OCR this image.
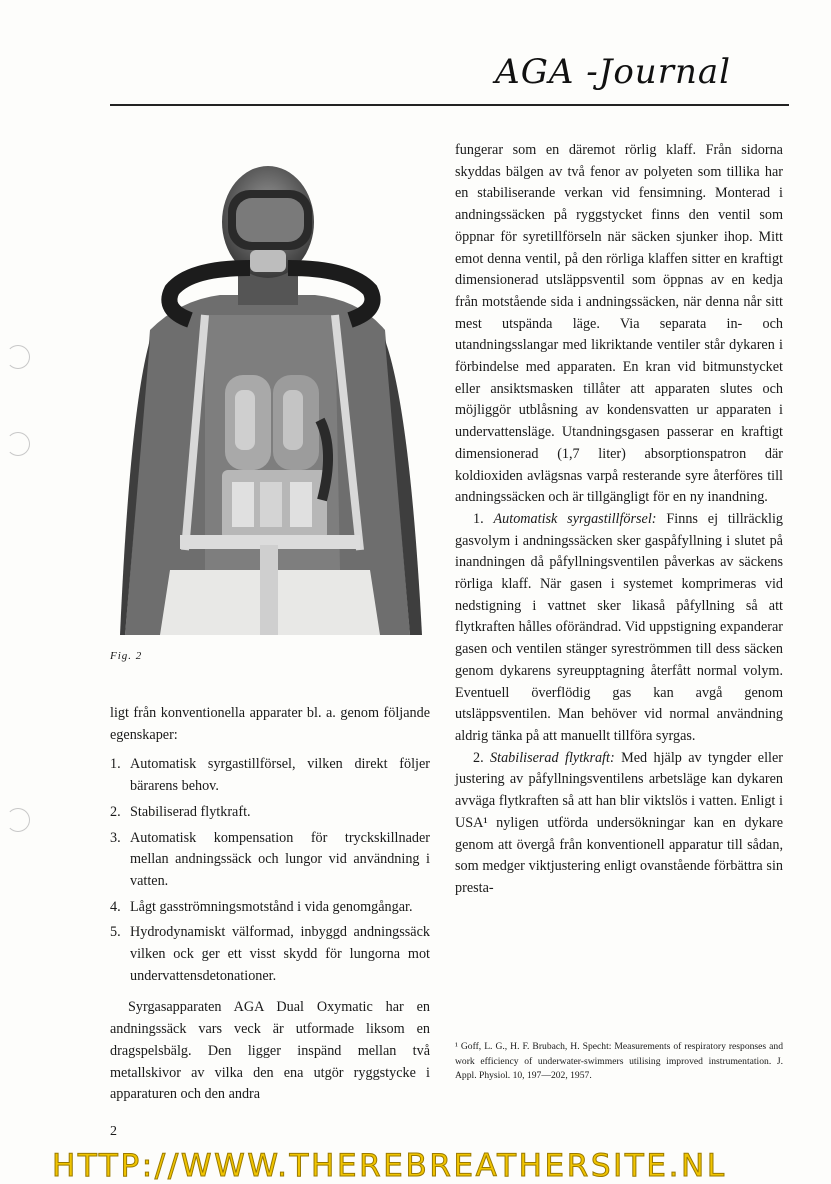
AGA -Journal
Fig. 2

ligt från konventionella apparater bl. a. genom följande egenskaper:

1. Automatisk syrgastillförsel, vilken direkt följer bärarens behov.
2. Stabiliserad flytkraft.
3. Automatisk kompensation för tryckskillnader mellan andningssäck och lungor vid användning i vatten.
4. Lågt gasströmningsmotstånd i vida genomgångar.
5. Hydrodynamiskt välformad, inbyggd andningssäck vilken ock ger ett visst skydd för lungorna mot undervattensdetonationer.

Syrgasapparaten AGA Dual Oxymatic har en andningssäck vars veck är utformade liksom en dragspelsbälg. Den ligger inspänd mellan två metallskivor av vilka den ena utgör ryggstycke i apparaturen och den andra

fungerar som en däremot rörlig klaff. Från sidorna skyddas bälgen av två fenor av polyeten som tillika har en stabiliserande verkan vid fensimning. Monterad i andningssäcken på ryggstycket finns den ventil som öppnar för syretillförseln när säcken sjunker ihop. Mitt emot denna ventil, på den rörliga klaffen sitter en kraftigt dimensionerad utsläppsventil som öppnas av en kedja från motstående sida i andningssäcken, när denna når sitt mest utspända läge. Via separata in- och utandningsslangar med likriktande ventiler står dykaren i förbindelse med apparaten. En kran vid bitmunstycket eller ansiktsmasken tillåter att apparaten slutes och möjliggör utblåsning av kondensvatten ur apparaten i undervattensläge. Utandningsgasen passerar en kraftigt dimensionerad (1,7 liter) absorptionspatron där koldioxiden avlägsnas varpå resterande syre återföres till andningssäcken och är tillgängligt för en ny inandning.

1. Automatisk syrgastillförsel: Finns ej tillräcklig gasvolym i andningssäcken sker gaspåfyllning i slutet på inandningen då påfyllningsventilen påverkas av säckens rörliga klaff. När gasen i systemet komprimeras vid nedstigning i vattnet sker likaså påfyllning så att flytkraften hålles oförändrad. Vid uppstigning expanderar gasen och ventilen stänger syreströmmen till dess säcken genom dykarens syreupptagning återfått normal volym. Eventuell överflödig gas kan avgå genom utsläppsventilen. Man behöver vid normal användning aldrig tänka på att manuellt tillföra syrgas.

2. Stabiliserad flytkraft: Med hjälp av tyngder eller justering av påfyllningsventilens arbetsläge kan dykaren avväga flytkraften så att han blir viktslös i vatten. Enligt i USA¹ nyligen utförda undersökningar kan en dykare genom att övergå från konventionell apparatur till sådan, som medger viktjustering enligt ovanstående förbättra sin presta-

¹ Goff, L. G., H. F. Brubach, H. Specht: Measurements of respiratory responses and work efficiency of underwater-swimmers utilising improved instrumentation. J. Appl. Physiol. 10, 197—202, 1957.
2
HTTP://WWW.THEREBREATHERSITE.NL
